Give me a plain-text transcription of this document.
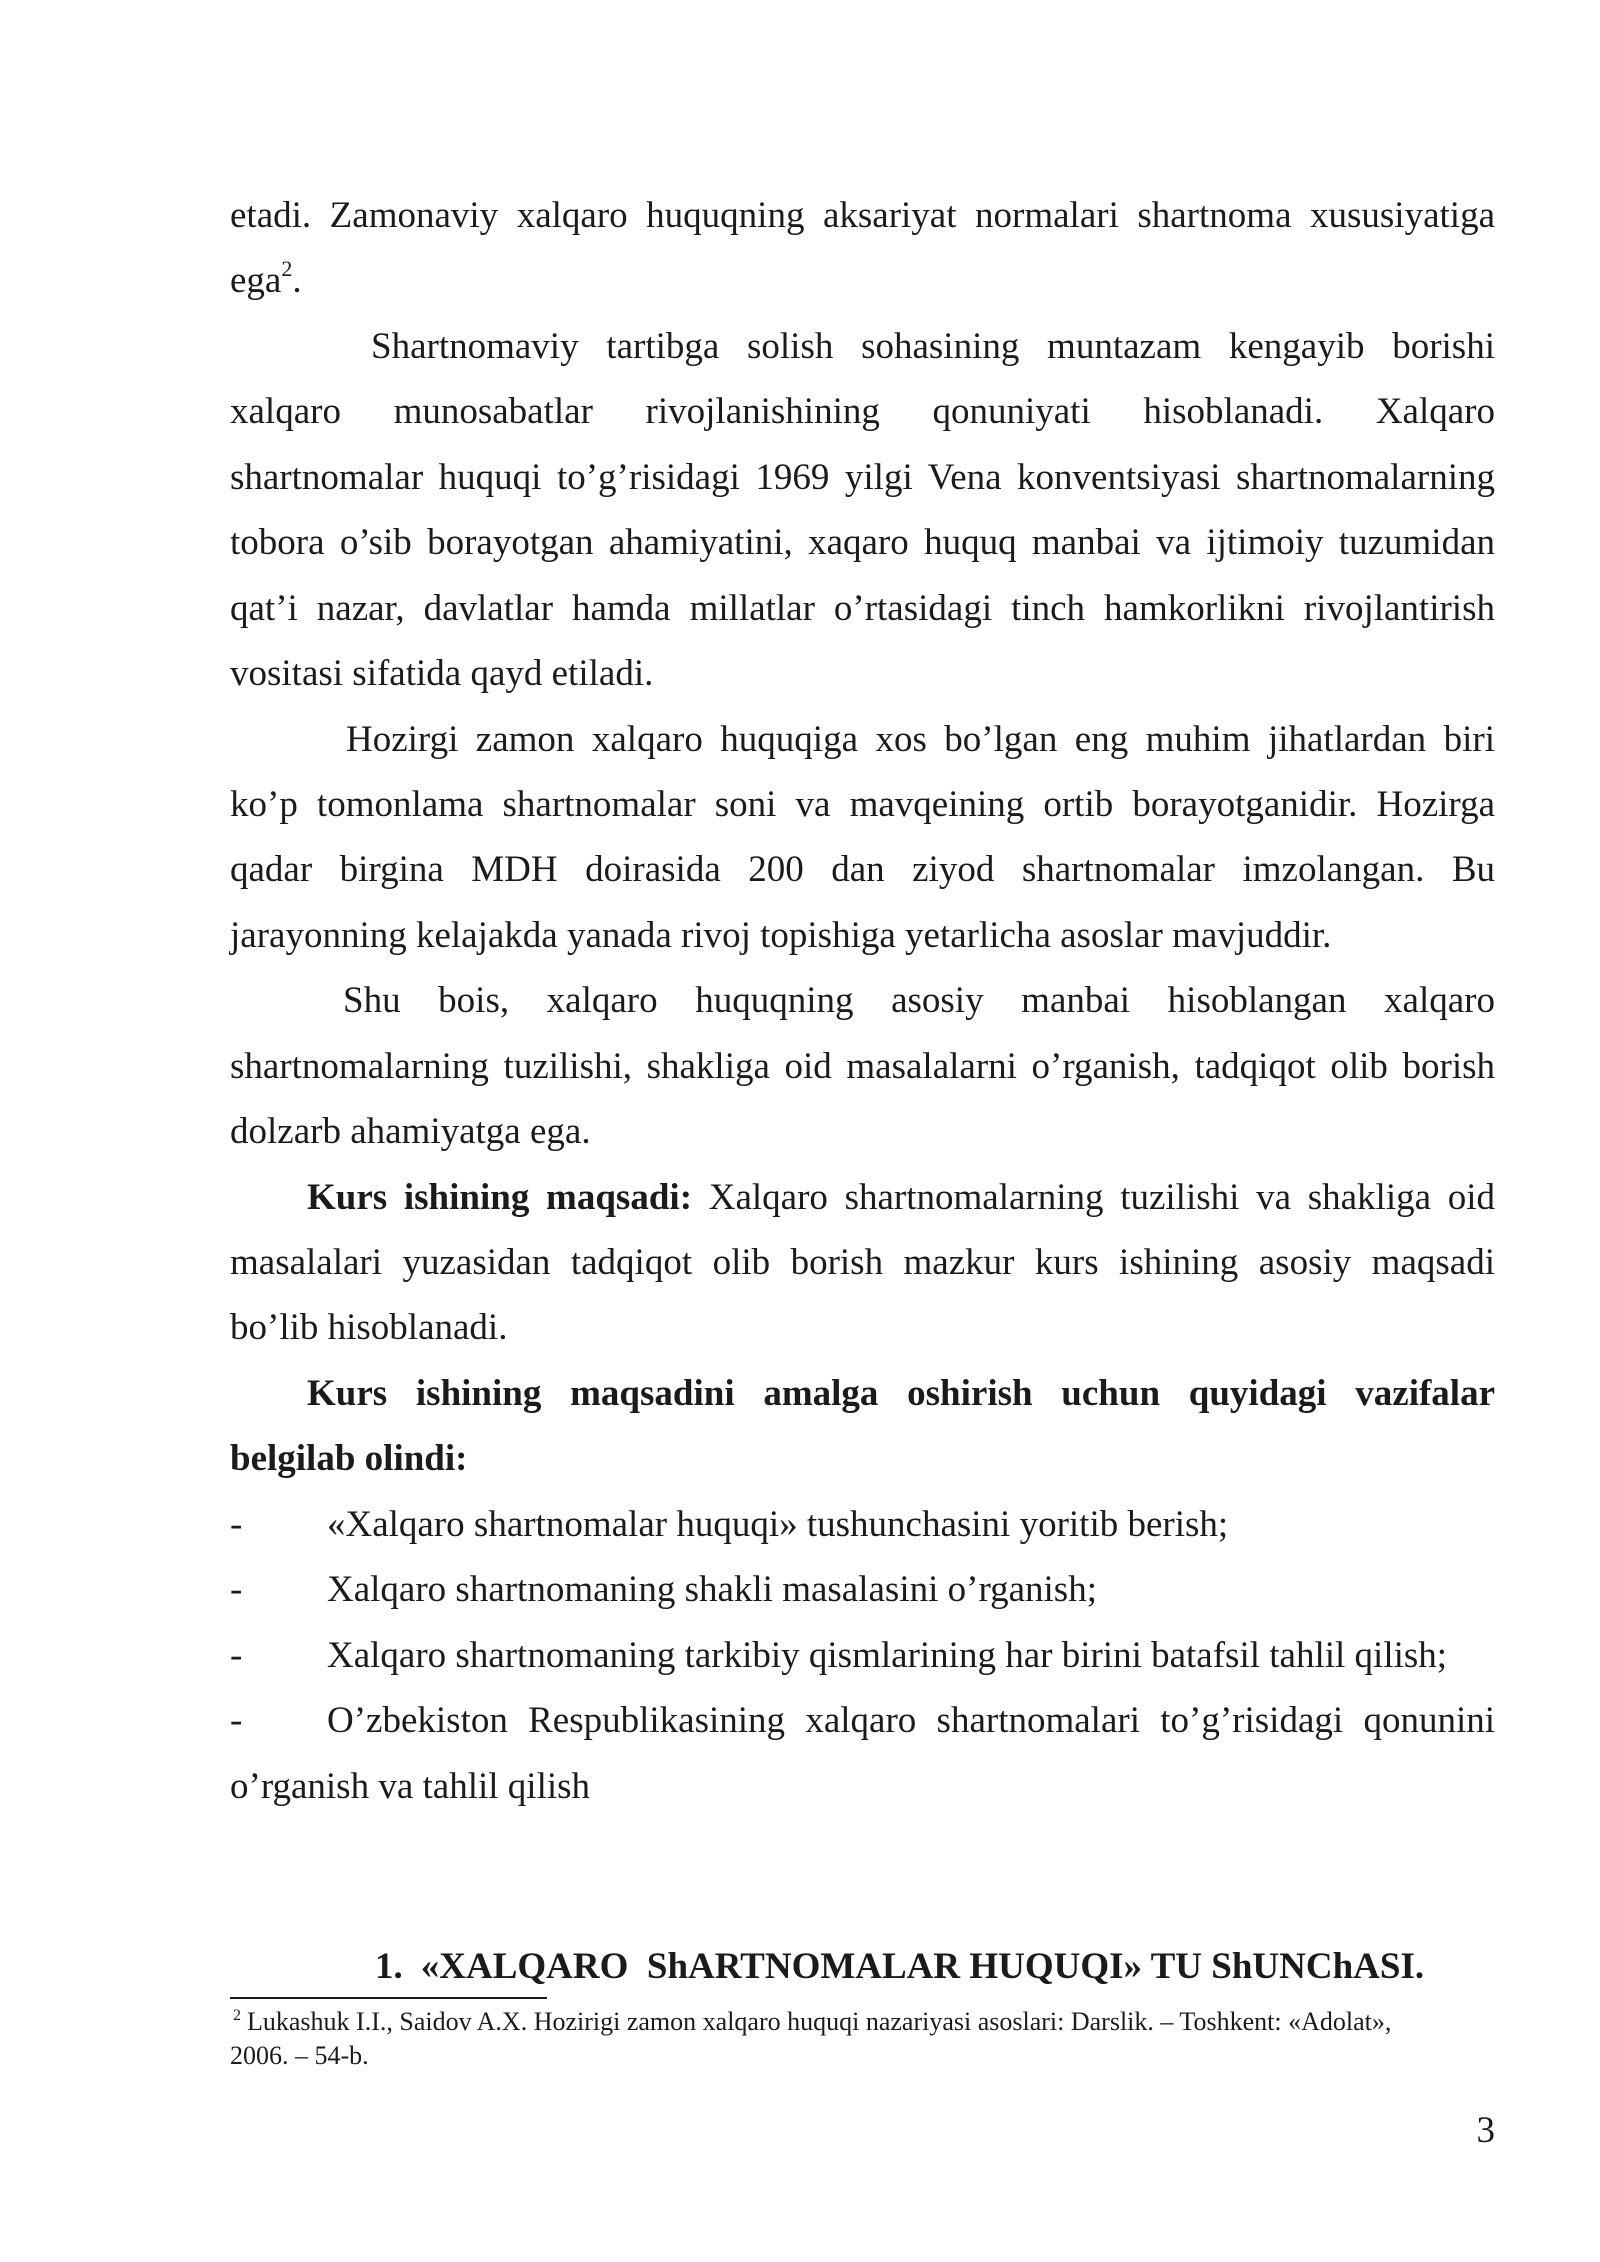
etadi. Zamonaviy xalqaro huquqning aksariyat normalari shartnoma xususiyatiga
ega$^2$.
Shartnomaviy tartibga solish sohasining muntazam kengayib borishi
xalqaro munosabatlar rivojlanishining qonuniyati hisoblanadi. Xalqaro
shartnomalar huquqi to’g’risidagi 1969 yilgi Vena konventsiyasi shartnomalarning
tobora o’sib borayotgan ahamiyatini, xaqaro huquq manbai va ijtimoiy tuzumidan
qat’i nazar, davlatlar hamda millatlar o’rtasidagi tinch hamkorlikni rivojlantirish
vositasi sifatida qayd etiladi.
Hozirgi zamon xalqaro huquqiga xos bo’lgan eng muhim jihatlardan biri
ko’p tomonlama shartnomalar soni va mavqeining ortib borayotganidir. Hozirga
qadar birgina MDH doirasida 200 dan ziyod shartnomalar imzolangan. Bu
jarayonning kelajakda yanada rivoj topishiga yetarlicha asoslar mavjuddir.
Shu bois, xalqaro huquqning asosiy manbai hisoblangan xalqaro
shartnomalarning tuzilishi, shakliga oid masalalarni o’rganish, tadqiqot olib borish
dolzarb ahamiyatga ega.
Kurs ishining maqsadi: Xalqaro shartnomalarning tuzilishi va shakliga oid
masalalari yuzasidan tadqiqot olib borish mazkur kurs ishining asosiy maqsadi
bo’lib hisoblanadi.
Kurs ishining maqsadini amalga oshirish uchun quyidagi vazifalar
belgilab olindi:
- «Xalqaro shartnomalar huquqi» tushunchasini yoritib berish;
- Xalqaro shartnomaning shakli masalasini o’rganish;
- Xalqaro shartnomaning tarkibiy qismlarining har birini batafsil tahlil qilish;
- O’zbekiston Respublikasining xalqaro shartnomalari to’g’risidagi qonunini
o’rganish va tahlil qilish
1. «XALQARO  ShARTNOMALAR HUQUQI» TU ShUNChASI.
$^2$ Lukashuk I.I., Saidov A.X. Hozirigi zamon xalqaro huquqi nazariyasi asoslari: Darslik. – Toshkent: «Adolat»,
2006. – 54-b.
3
